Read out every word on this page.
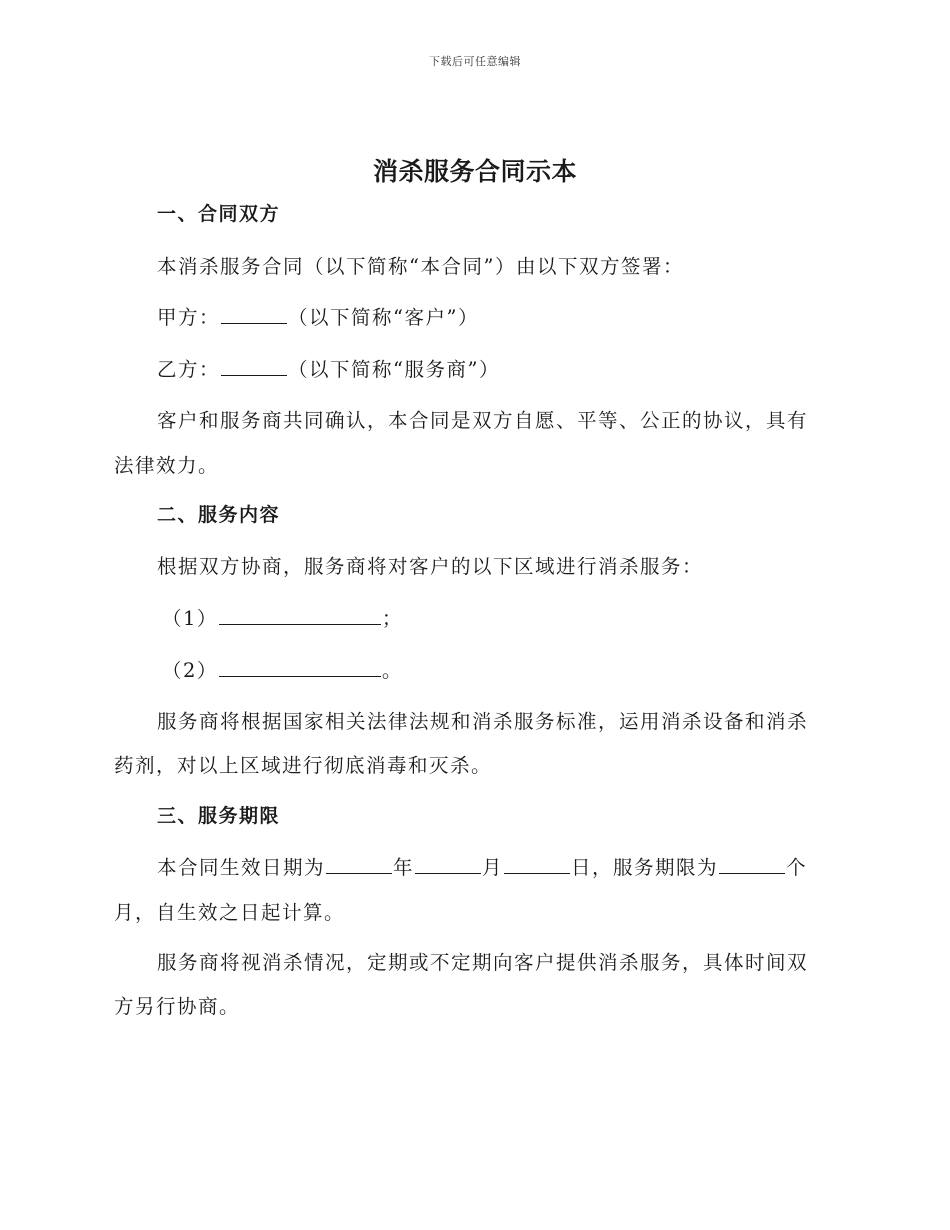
下载后可任意编辑
消杀服务合同示本
一、合同双方
本消杀服务合同（以下简称“本合同”）由以下双方签署：
甲方：	（以下简称“客户”）
乙方：	（以下简称“服务商”）
客户和服务商共同确认，本合同是双方自愿、平等、公正的协议，具有
法律效力。
二、服务内容
根据双方协商，服务商将对客户的以下区域进行消杀服务：
（1）	；
（2）	。
服务商将根据国家相关法律法规和消杀服务标准，运用消杀设备和消杀
药剂，对以上区域进行彻底消毒和灭杀。
三、服务期限
本合同生效日期为	年	月	日，服务期限为	个
月，自生效之日起计算。
服务商将视消杀情况，定期或不定期向客户提供消杀服务，具体时间双
方另行协商。
